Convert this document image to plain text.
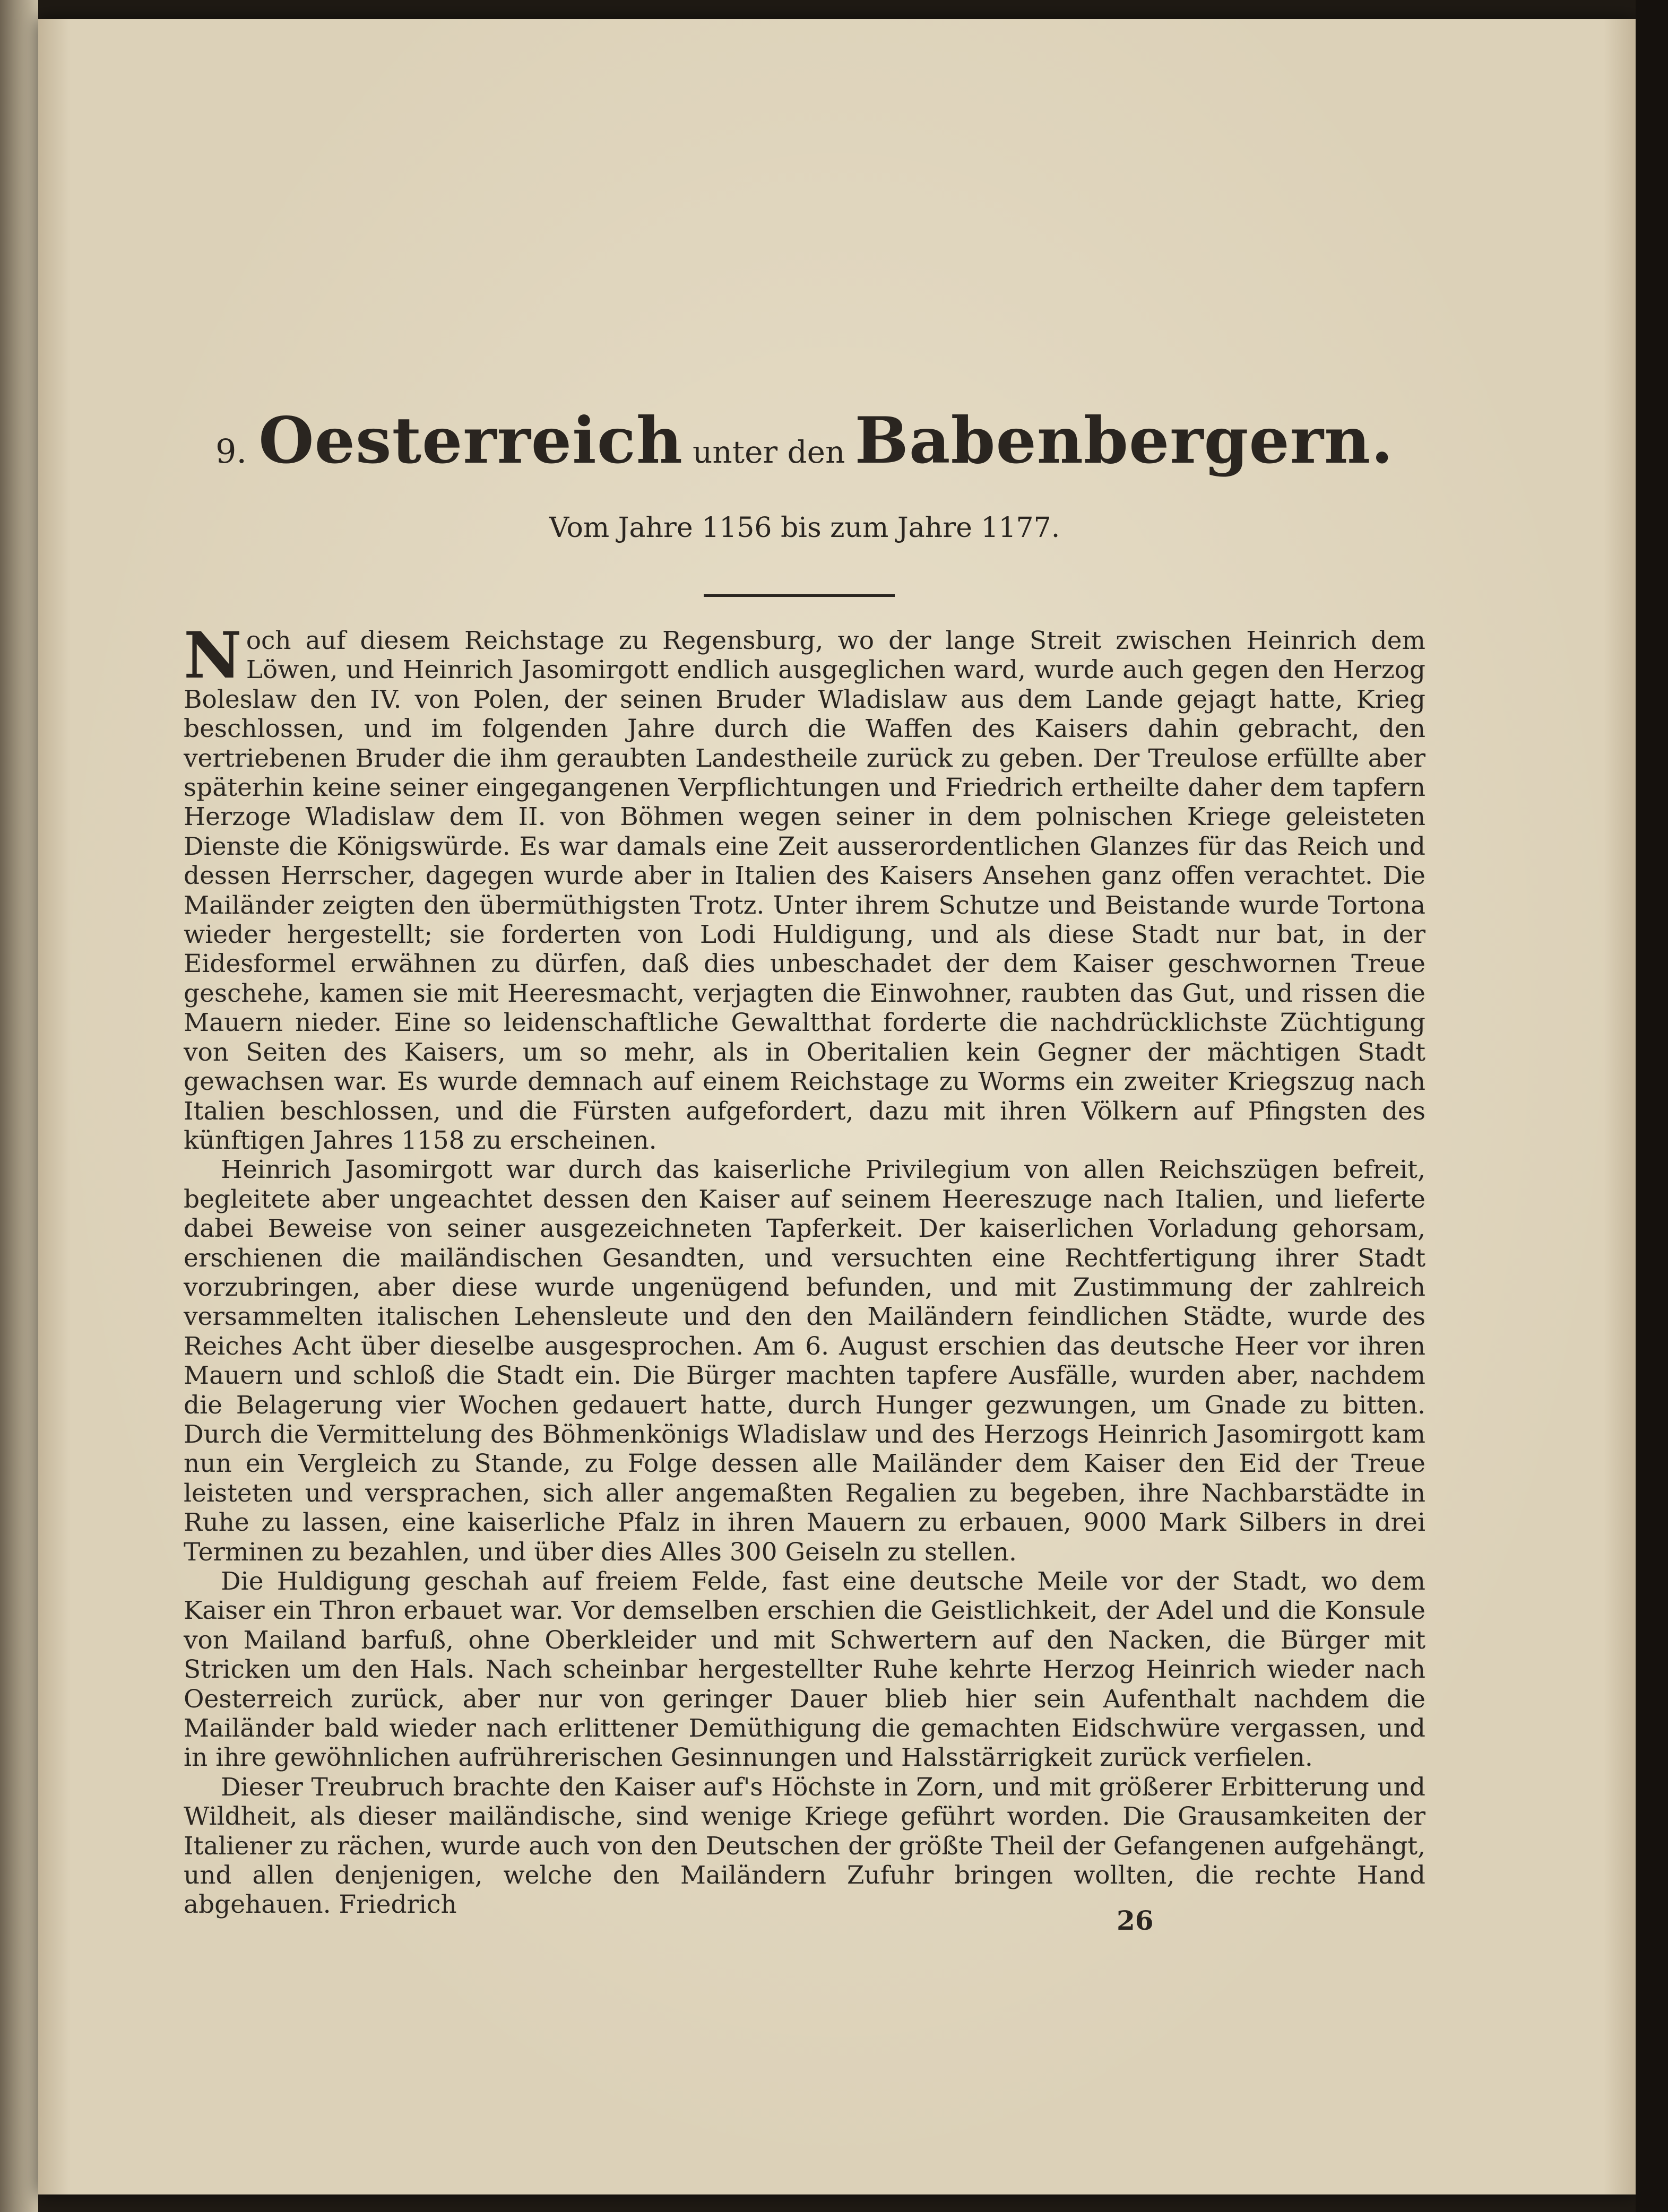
9. Oesterreich unter den Babenbergern.
Vom Jahre 1156 bis zum Jahre 1177.

Noch auf diesem Reichstage zu Regensburg, wo der lange Streit zwischen Heinrich dem Löwen, und Heinrich Jasomirgott endlich ausgeglichen ward, wurde auch gegen den Herzog Boleslaw den IV. von Polen, der seinen Bruder Wladislaw aus dem Lande gejagt hatte, Krieg beschlossen, und im folgenden Jahre durch die Waffen des Kaisers dahin gebracht, den vertriebenen Bruder die ihm geraubten Landestheile zurück zu geben. Der Treulose erfüllte aber späterhin keine seiner eingegangenen Verpflichtungen und Friedrich ertheilte daher dem tapfern Herzoge Wladislaw dem II. von Böhmen wegen seiner in dem polnischen Kriege geleisteten Dienste die Königswürde. Es war damals eine Zeit ausserordentlichen Glanzes für das Reich und dessen Herrscher, dagegen wurde aber in Italien des Kaisers Ansehen ganz offen verachtet. Die Mailänder zeigten den übermüthigsten Trotz. Unter ihrem Schutze und Beistande wurde Tortona wieder hergestellt; sie forderten von Lodi Huldigung, und als diese Stadt nur bat, in der Eidesformel erwähnen zu dürfen, daß dies unbeschadet der dem Kaiser geschwornen Treue geschehe, kamen sie mit Heeresmacht, verjagten die Einwohner, raubten das Gut, und rissen die Mauern nieder. Eine so leidenschaftliche Gewaltthat forderte die nachdrücklichste Züchtigung von Seiten des Kaisers, um so mehr, als in Oberitalien kein Gegner der mächtigen Stadt gewachsen war. Es wurde demnach auf einem Reichstage zu Worms ein zweiter Kriegszug nach Italien beschlossen, und die Fürsten aufgefordert, dazu mit ihren Völkern auf Pfingsten des künftigen Jahres 1158 zu erscheinen.

Heinrich Jasomirgott war durch das kaiserliche Privilegium von allen Reichszügen befreit, begleitete aber ungeachtet dessen den Kaiser auf seinem Heereszuge nach Italien, und lieferte dabei Beweise von seiner ausgezeichneten Tapferkeit. Der kaiserlichen Vorladung gehorsam, erschienen die mailändischen Gesandten, und versuchten eine Rechtfertigung ihrer Stadt vorzubringen, aber diese wurde ungenügend befunden, und mit Zustimmung der zahlreich versammelten italischen Lehensleute und den den Mailändern feindlichen Städte, wurde des Reiches Acht über dieselbe ausgesprochen. Am 6. August erschien das deutsche Heer vor ihren Mauern und schloß die Stadt ein. Die Bürger machten tapfere Ausfälle, wurden aber, nachdem die Belagerung vier Wochen gedauert hatte, durch Hunger gezwungen, um Gnade zu bitten. Durch die Vermittelung des Böhmenkönigs Wladislaw und des Herzogs Heinrich Jasomirgott kam nun ein Vergleich zu Stande, zu Folge dessen alle Mailänder dem Kaiser den Eid der Treue leisteten und versprachen, sich aller angemaßten Regalien zu begeben, ihre Nachbarstädte in Ruhe zu lassen, eine kaiserliche Pfalz in ihren Mauern zu erbauen, 9000 Mark Silbers in drei Terminen zu bezahlen, und über dies Alles 300 Geiseln zu stellen.

Die Huldigung geschah auf freiem Felde, fast eine deutsche Meile vor der Stadt, wo dem Kaiser ein Thron erbauet war. Vor demselben erschien die Geistlichkeit, der Adel und die Konsule von Mailand barfuß, ohne Oberkleider und mit Schwertern auf den Nacken, die Bürger mit Stricken um den Hals. Nach scheinbar hergestellter Ruhe kehrte Herzog Heinrich wieder nach Oesterreich zurück, aber nur von geringer Dauer blieb hier sein Aufenthalt nachdem die Mailänder bald wieder nach erlittener Demüthigung die gemachten Eidschwüre vergassen, und in ihre gewöhnlichen aufrührerischen Gesinnungen und Halsstärrigkeit zurück verfielen.

Dieser Treubruch brachte den Kaiser auf's Höchste in Zorn, und mit größerer Erbitterung und Wildheit, als dieser mailändische, sind wenige Kriege geführt worden. Die Grausamkeiten der Italiener zu rächen, wurde auch von den Deutschen der größte Theil der Gefangenen aufgehängt, und allen denjenigen, welche den Mailändern Zufuhr bringen wollten, die rechte Hand abgehauen. Friedrich

26
